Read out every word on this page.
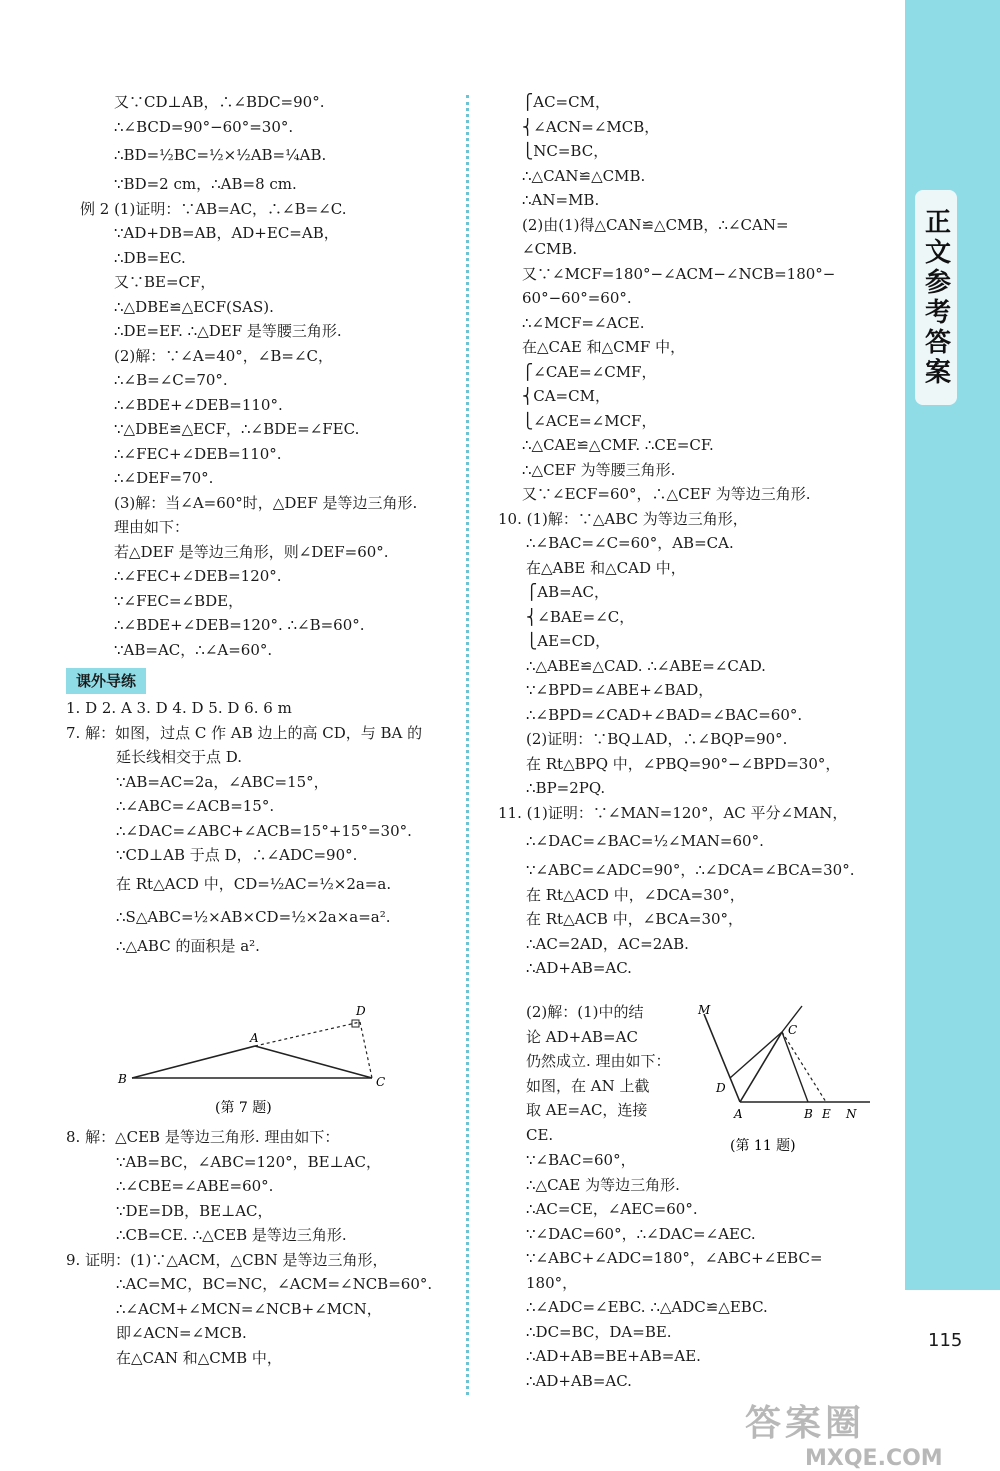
正文参考答案
又∵CD⊥AB，∴∠BDC=90°.
∴∠BCD=90°−60°=30°.
∴BD=½BC=½×½AB=¼AB.
∵BD=2 cm，∴AB=8 cm.
例 2 (1)证明：∵AB=AC，∴∠B=∠C.
∵AD+DB=AB，AD+EC=AB，
∴DB=EC.
又∵BE=CF，
∴△DBE≌△ECF(SAS).
∴DE=EF. ∴△DEF 是等腰三角形.
(2)解：∵∠A=40°，∠B=∠C，
∴∠B=∠C=70°.
∴∠BDE+∠DEB=110°.
∵△DBE≌△ECF，∴∠BDE=∠FEC.
∴∠FEC+∠DEB=110°.
∴∠DEF=70°.
(3)解：当∠A=60°时，△DEF 是等边三角形.
理由如下：
若△DEF 是等边三角形，则∠DEF=60°.
∴∠FEC+∠DEB=120°.
∵∠FEC=∠BDE，
∴∠BDE+∠DEB=120°. ∴∠B=60°.
∵AB=AC，∴∠A=60°.
课外导练
1. D 2. A 3. D 4. D 5. D 6. 6 m
7. 解：如图，过点 C 作 AB 边上的高 CD，与 BA 的
延长线相交于点 D.
∵AB=AC=2a，∠ABC=15°，
∴∠ABC=∠ACB=15°.
∴∠DAC=∠ABC+∠ACB=15°+15°=30°.
∵CD⊥AB 于点 D，∴∠ADC=90°.
在 Rt△ACD 中，CD=½AC=½×2a=a.
∴S△ABC=½×AB×CD=½×2a×a=a².
∴△ABC 的面积是 a².
D
A
B	C
(第 7 题)
8. 解：△CEB 是等边三角形. 理由如下：
∵AB=BC，∠ABC=120°，BE⊥AC，
∴∠CBE=∠ABE=60°.
∵DE=DB，BE⊥AC，
∴CB=CE. ∴△CEB 是等边三角形.
9. 证明：(1)∵△ACM，△CBN 是等边三角形，
∴AC=MC，BC=NC，∠ACM=∠NCB=60°.
∴∠ACM+∠MCN=∠NCB+∠MCN，
即∠ACN=∠MCB.
在△CAN 和△CMB 中，
⎧AC=CM，
⎨∠ACN=∠MCB，
⎩NC=BC，
∴△CAN≌△CMB.
∴AN=MB.
(2)由(1)得△CAN≌△CMB，∴∠CAN=
∠CMB.
又∵∠MCF=180°−∠ACM−∠NCB=180°−
60°−60°=60°.
∴∠MCF=∠ACE.
在△CAE 和△CMF 中，
⎧∠CAE=∠CMF，
⎨CA=CM，
⎩∠ACE=∠MCF，
∴△CAE≌△CMF. ∴CE=CF.
∴△CEF 为等腰三角形.
又∵∠ECF=60°，∴△CEF 为等边三角形.
10. (1)解：∵△ABC 为等边三角形，
∴∠BAC=∠C=60°，AB=CA.
在△ABE 和△CAD 中，
⎧AB=AC，
⎨∠BAE=∠C，
⎩AE=CD，
∴△ABE≌△CAD. ∴∠ABE=∠CAD.
∵∠BPD=∠ABE+∠BAD，
∴∠BPD=∠CAD+∠BAD=∠BAC=60°.
(2)证明：∵BQ⊥AD，∴∠BQP=90°.
在 Rt△BPQ 中，∠PBQ=90°−∠BPD=30°，
∴BP=2PQ.
11. (1)证明：∵∠MAN=120°，AC 平分∠MAN，
∴∠DAC=∠BAC=½∠MAN=60°.
∵∠ABC=∠ADC=90°，∴∠DCA=∠BCA=30°.
在 Rt△ACD 中，∠DCA=30°，
在 Rt△ACB 中，∠BCA=30°，
∴AC=2AD，AC=2AB.
∴AD+AB=AC.
(2)解：(1)中的结
论 AD+AB=AC
仍然成立. 理由如下：
如图，在 AN 上截
取 AE=AC，连接
CE.
M
C
D
A	B E N
(第 11 题)
∵∠BAC=60°，
∴△CAE 为等边三角形.
∴AC=CE，∠AEC=60°.
∵∠DAC=60°，∴∠DAC=∠AEC.
∵∠ABC+∠ADC=180°，∠ABC+∠EBC=
180°，
∴∠ADC=∠EBC. ∴△ADC≌△EBC.
∴DC=BC，DA=BE.
∴AD+AB=BE+AB=AE.
∴AD+AB=AC.
115
答案圈
MXQE.COM
